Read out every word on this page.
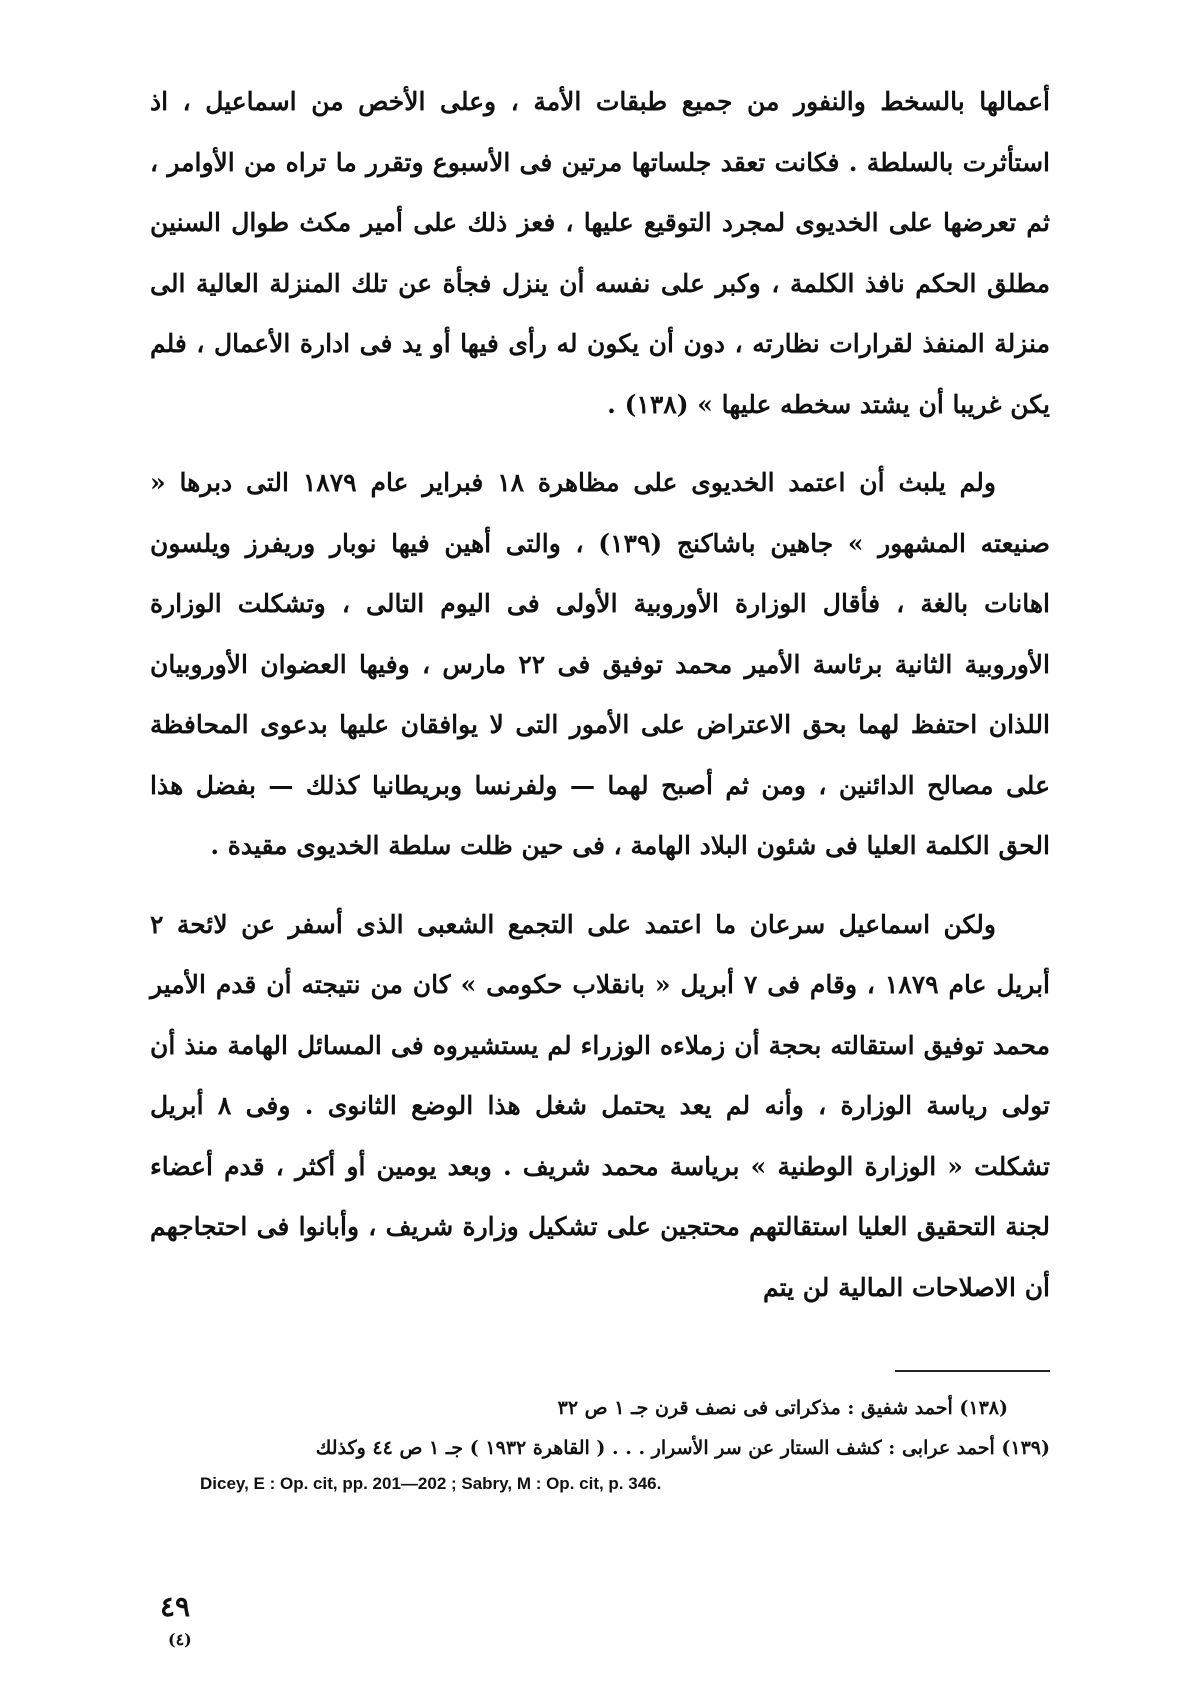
أعمالها بالسخط والنفور من جميع طبقات الأمة ، وعلى الأخص من اسماعيل ، اذ استأثرت بالسلطة . فكانت تعقد جلساتها مرتين فى الأسبوع وتقرر ما تراه من الأوامر ، ثم تعرضها على الخديوى لمجرد التوقيع عليها ، فعز ذلك على أمير مكث طوال السنين مطلق الحكم نافذ الكلمة ، وكبر على نفسه أن ينزل فجأة عن تلك المنزلة العالية الى منزلة المنفذ لقرارات نظارته ، دون أن يكون له رأى فيها أو يد فى ادارة الأعمال ، فلم يكن غريبا أن يشتد سخطه عليها » (١٣٨) .

ولم يلبث أن اعتمد الخديوى على مظاهرة ١٨ فبراير عام ١٨٧٩ التى دبرها « صنيعته المشهور » جاهين باشاكنج (١٣٩) ، والتى أهين فيها نوبار وريفرز ويلسون اهانات بالغة ، فأقال الوزارة الأوروبية الأولى فى اليوم التالى ، وتشكلت الوزارة الأوروبية الثانية برئاسة الأمير محمد توفيق فى ٢٢ مارس ، وفيها العضوان الأوروبيان اللذان احتفظ لهما بحق الاعتراض على الأمور التى لا يوافقان عليها بدعوى المحافظة على مصالح الدائنين ، ومن ثم أصبح لهما — ولفرنسا وبريطانيا كذلك — بفضل هذا الحق الكلمة العليا فى شئون البلاد الهامة ، فى حين ظلت سلطة الخديوى مقيدة .

ولكن اسماعيل سرعان ما اعتمد على التجمع الشعبى الذى أسفر عن لائحة ٢ أبريل عام ١٨٧٩ ، وقام فى ٧ أبريل « بانقلاب حكومى » كان من نتيجته أن قدم الأمير محمد توفيق استقالته بحجة أن زملاءه الوزراء لم يستشيروه فى المسائل الهامة منذ أن تولى رياسة الوزارة ، وأنه لم يعد يحتمل شغل هذا الوضع الثانوى . وفى ٨ أبريل تشكلت « الوزارة الوطنية » برياسة محمد شريف . وبعد يومين أو أكثر ، قدم أعضاء لجنة التحقيق العليا استقالتهم محتجين على تشكيل وزارة شريف ، وأبانوا فى احتجاجهم أن الاصلاحات المالية لن يتم

(١٣٨) أحمد شفيق : مذكراتى فى نصف قرن جـ ١ ص ٣٢

(١٣٩) أحمد عرابى : كشف الستار عن سر الأسرار . . . ( القاهرة ١٩٣٢ ) جـ ١ ص ٤٤ وكذلك

Dicey, E : Op. cit, pp. 201—202 ; Sabry, M : Op. cit, p. 346.
٤٩
(٤)
